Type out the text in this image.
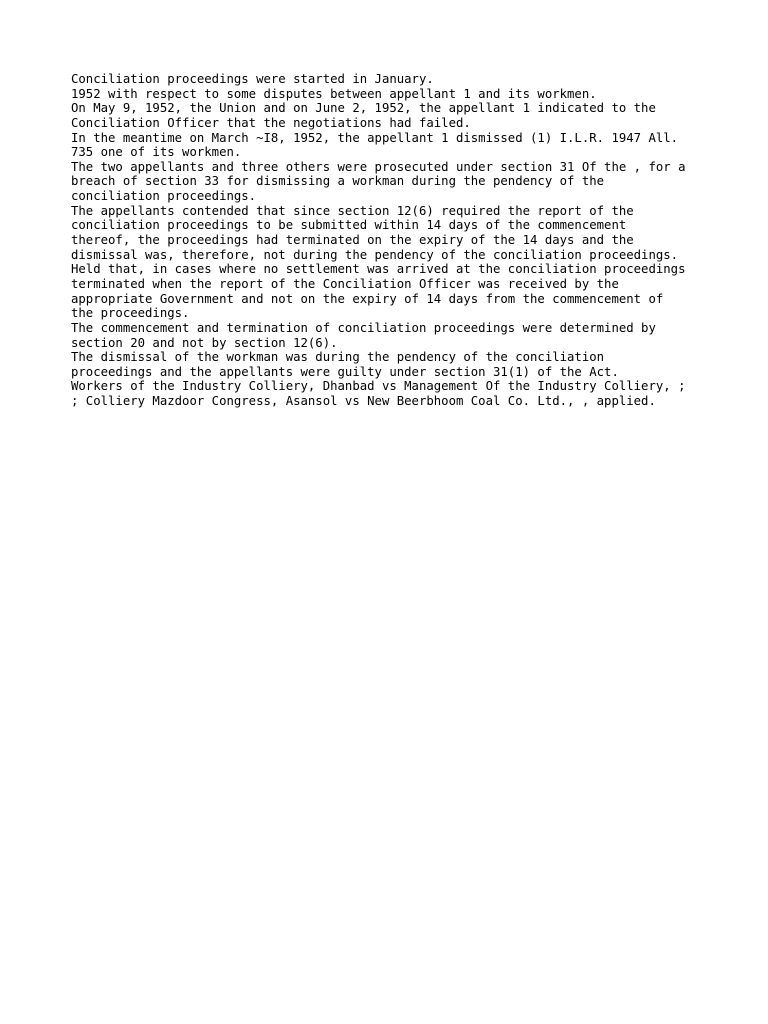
Conciliation proceedings were started in January.
1952 with respect to some disputes between appellant 1 and its workmen.
On May 9, 1952, the Union and on June 2, 1952, the appellant 1 indicated to the
Conciliation Officer that the negotiations had failed.
In the meantime on March ~I8, 1952, the appellant 1 dismissed (1) I.L.R. 1947 All.
735 one of its workmen.
The two appellants and three others were prosecuted under section 31 Of the , for a
breach of section 33 for dismissing a workman during the pendency of the
conciliation proceedings.
The appellants contended that since section 12(6) required the report of the
conciliation proceedings to be submitted within 14 days of the commencement
thereof, the proceedings had terminated on the expiry of the 14 days and the
dismissal was, therefore, not during the pendency of the conciliation proceedings.
Held that, in cases where no settlement was arrived at the conciliation proceedings
terminated when the report of the Conciliation Officer was received by the
appropriate Government and not on the expiry of 14 days from the commencement of
the proceedings.
The commencement and termination of conciliation proceedings were determined by
section 20 and not by section 12(6).
The dismissal of the workman was during the pendency of the conciliation
proceedings and the appellants were guilty under section 31(1) of the Act.
Workers of the Industry Colliery, Dhanbad vs Management Of the Industry Colliery, ;
; Colliery Mazdoor Congress, Asansol vs New Beerbhoom Coal Co. Ltd., , applied.
